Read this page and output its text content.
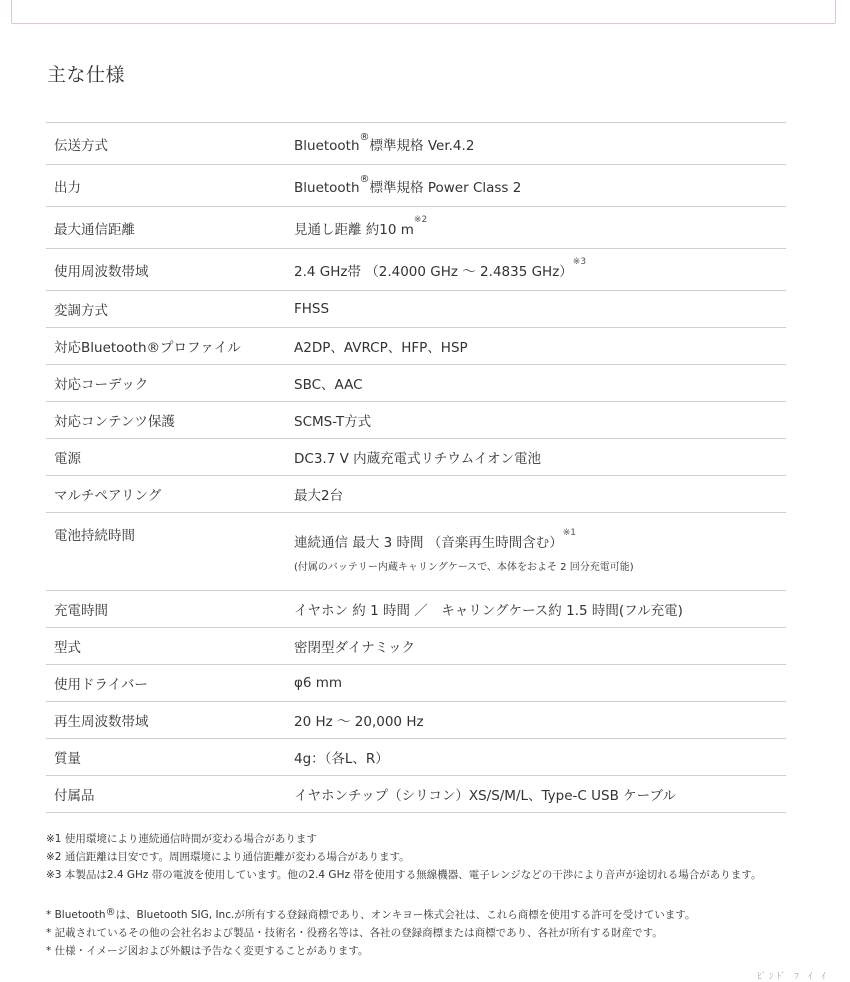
主な仕様
伝送方式	Bluetooth®標準規格 Ver.4.2
出力	Bluetooth®標準規格 Power Class 2
最大通信距離	見通し距離 約10 $m^{※2}$
使用周波数帯域	2.4 GHz帯 （2.4000 GHz ～ 2.4835 GHz）$^{※3}$
変調方式	FHSS
対応Bluetooth®プロファイル	A2DP、AVRCP、HFP、HSP
対応コーデック	SBC、AAC
対応コンテンツ保護	SCMS-T方式
電源	DC3.7 V 内蔵充電式リチウムイオン電池
マルチペアリング	最大2台
電池持続時間	連続通信 最大 3 時間 （音楽再生時間含む）$^{※1}$
(付属のバッテリー内蔵キャリングケースで、本体をおよそ 2 回分充電可能)

充電時間	イヤホン 約 1 時間 ／　キャリングケース約 1.5 時間(フル充電)
型式	密閉型ダイナミック
使用ドライバー	φ6 mm
再生周波数帯域	20 Hz ～ 20,000 Hz
質量	4g：（各L、R）
付属品	イヤホンチップ（シリコン）XS/S/M/L、Type-C USB ケーブル

※1 使用環境により連続通信時間が変わる場合があります

※2 通信距離は目安です。周囲環境により通信距離が変わる場合があります。

※3 本製品は2.4 GHz 帯の電波を使用しています。他の2.4 GHz 帯を使用する無線機器、電子レンジなどの干渉により音声が途切れる場合があります。

* Bluetooth®は、Bluetooth SIG, Inc.が所有する登録商標であり、オンキヨー株式会社は、これら商標を使用する許可を受けています。

* 記載されているその他の会社名および製品・技術名・役務名等は、各社の登録商標または商標であり、各社が所有する財産です。

* 仕様・イメージ図および外観は予告なく変更することがあります。

ﾋﾟﾝﾄﾞ ﾌ ｲ ｲ
